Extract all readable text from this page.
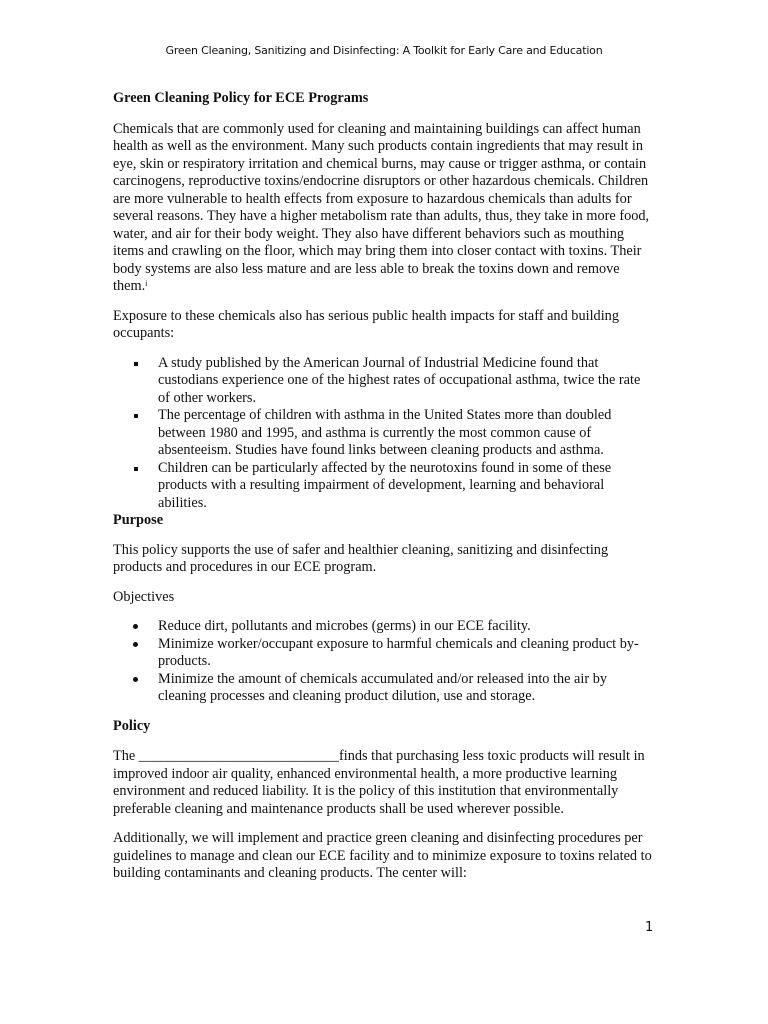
Green Cleaning, Sanitizing and Disinfecting: A Toolkit for Early Care and Education
Green Cleaning Policy for ECE Programs

Chemicals that are commonly used for cleaning and maintaining buildings can affect human health as well as the environment. Many such products contain ingredients that may result in eye, skin or respiratory irritation and chemical burns, may cause or trigger asthma, or contain carcinogens, reproductive toxins/endocrine disruptors or other hazardous chemicals. Children are more vulnerable to health effects from exposure to hazardous chemicals than adults for several reasons. They have a higher metabolism rate than adults, thus, they take in more food, water, and air for their body weight. They also have different behaviors such as mouthing items and crawling on the floor, which may bring them into closer contact with toxins. Their body systems are also less mature and are less able to break the toxins down and remove them.$^i$

Exposure to these chemicals also has serious public health impacts for staff and building occupants:

A study published by the American Journal of Industrial Medicine found that custodians experience one of the highest rates of occupational asthma, twice the rate of other workers.
The percentage of children with asthma in the United States more than doubled between 1980 and 1995, and asthma is currently the most common cause of absenteeism. Studies have found links between cleaning products and asthma.
Children can be particularly affected by the neurotoxins found in some of these products with a resulting impairment of development, learning and behavioral abilities.
Purpose

This policy supports the use of safer and healthier cleaning, sanitizing and disinfecting products and procedures in our ECE program.

Objectives

Reduce dirt, pollutants and microbes (germs) in our ECE facility.
Minimize worker/occupant exposure to harmful chemicals and cleaning product by-products.
Minimize the amount of chemicals accumulated and/or released into the air by cleaning processes and cleaning product dilution, use and storage.
Policy

The ____________________________finds that purchasing less toxic products will result in improved indoor air quality, enhanced environmental health, a more productive learning environment and reduced liability. It is the policy of this institution that environmentally preferable cleaning and maintenance products shall be used wherever possible.

Additionally, we will implement and practice green cleaning and disinfecting procedures per guidelines to manage and clean our ECE facility and to minimize exposure to toxins related to building contaminants and cleaning products. The center will:

1
